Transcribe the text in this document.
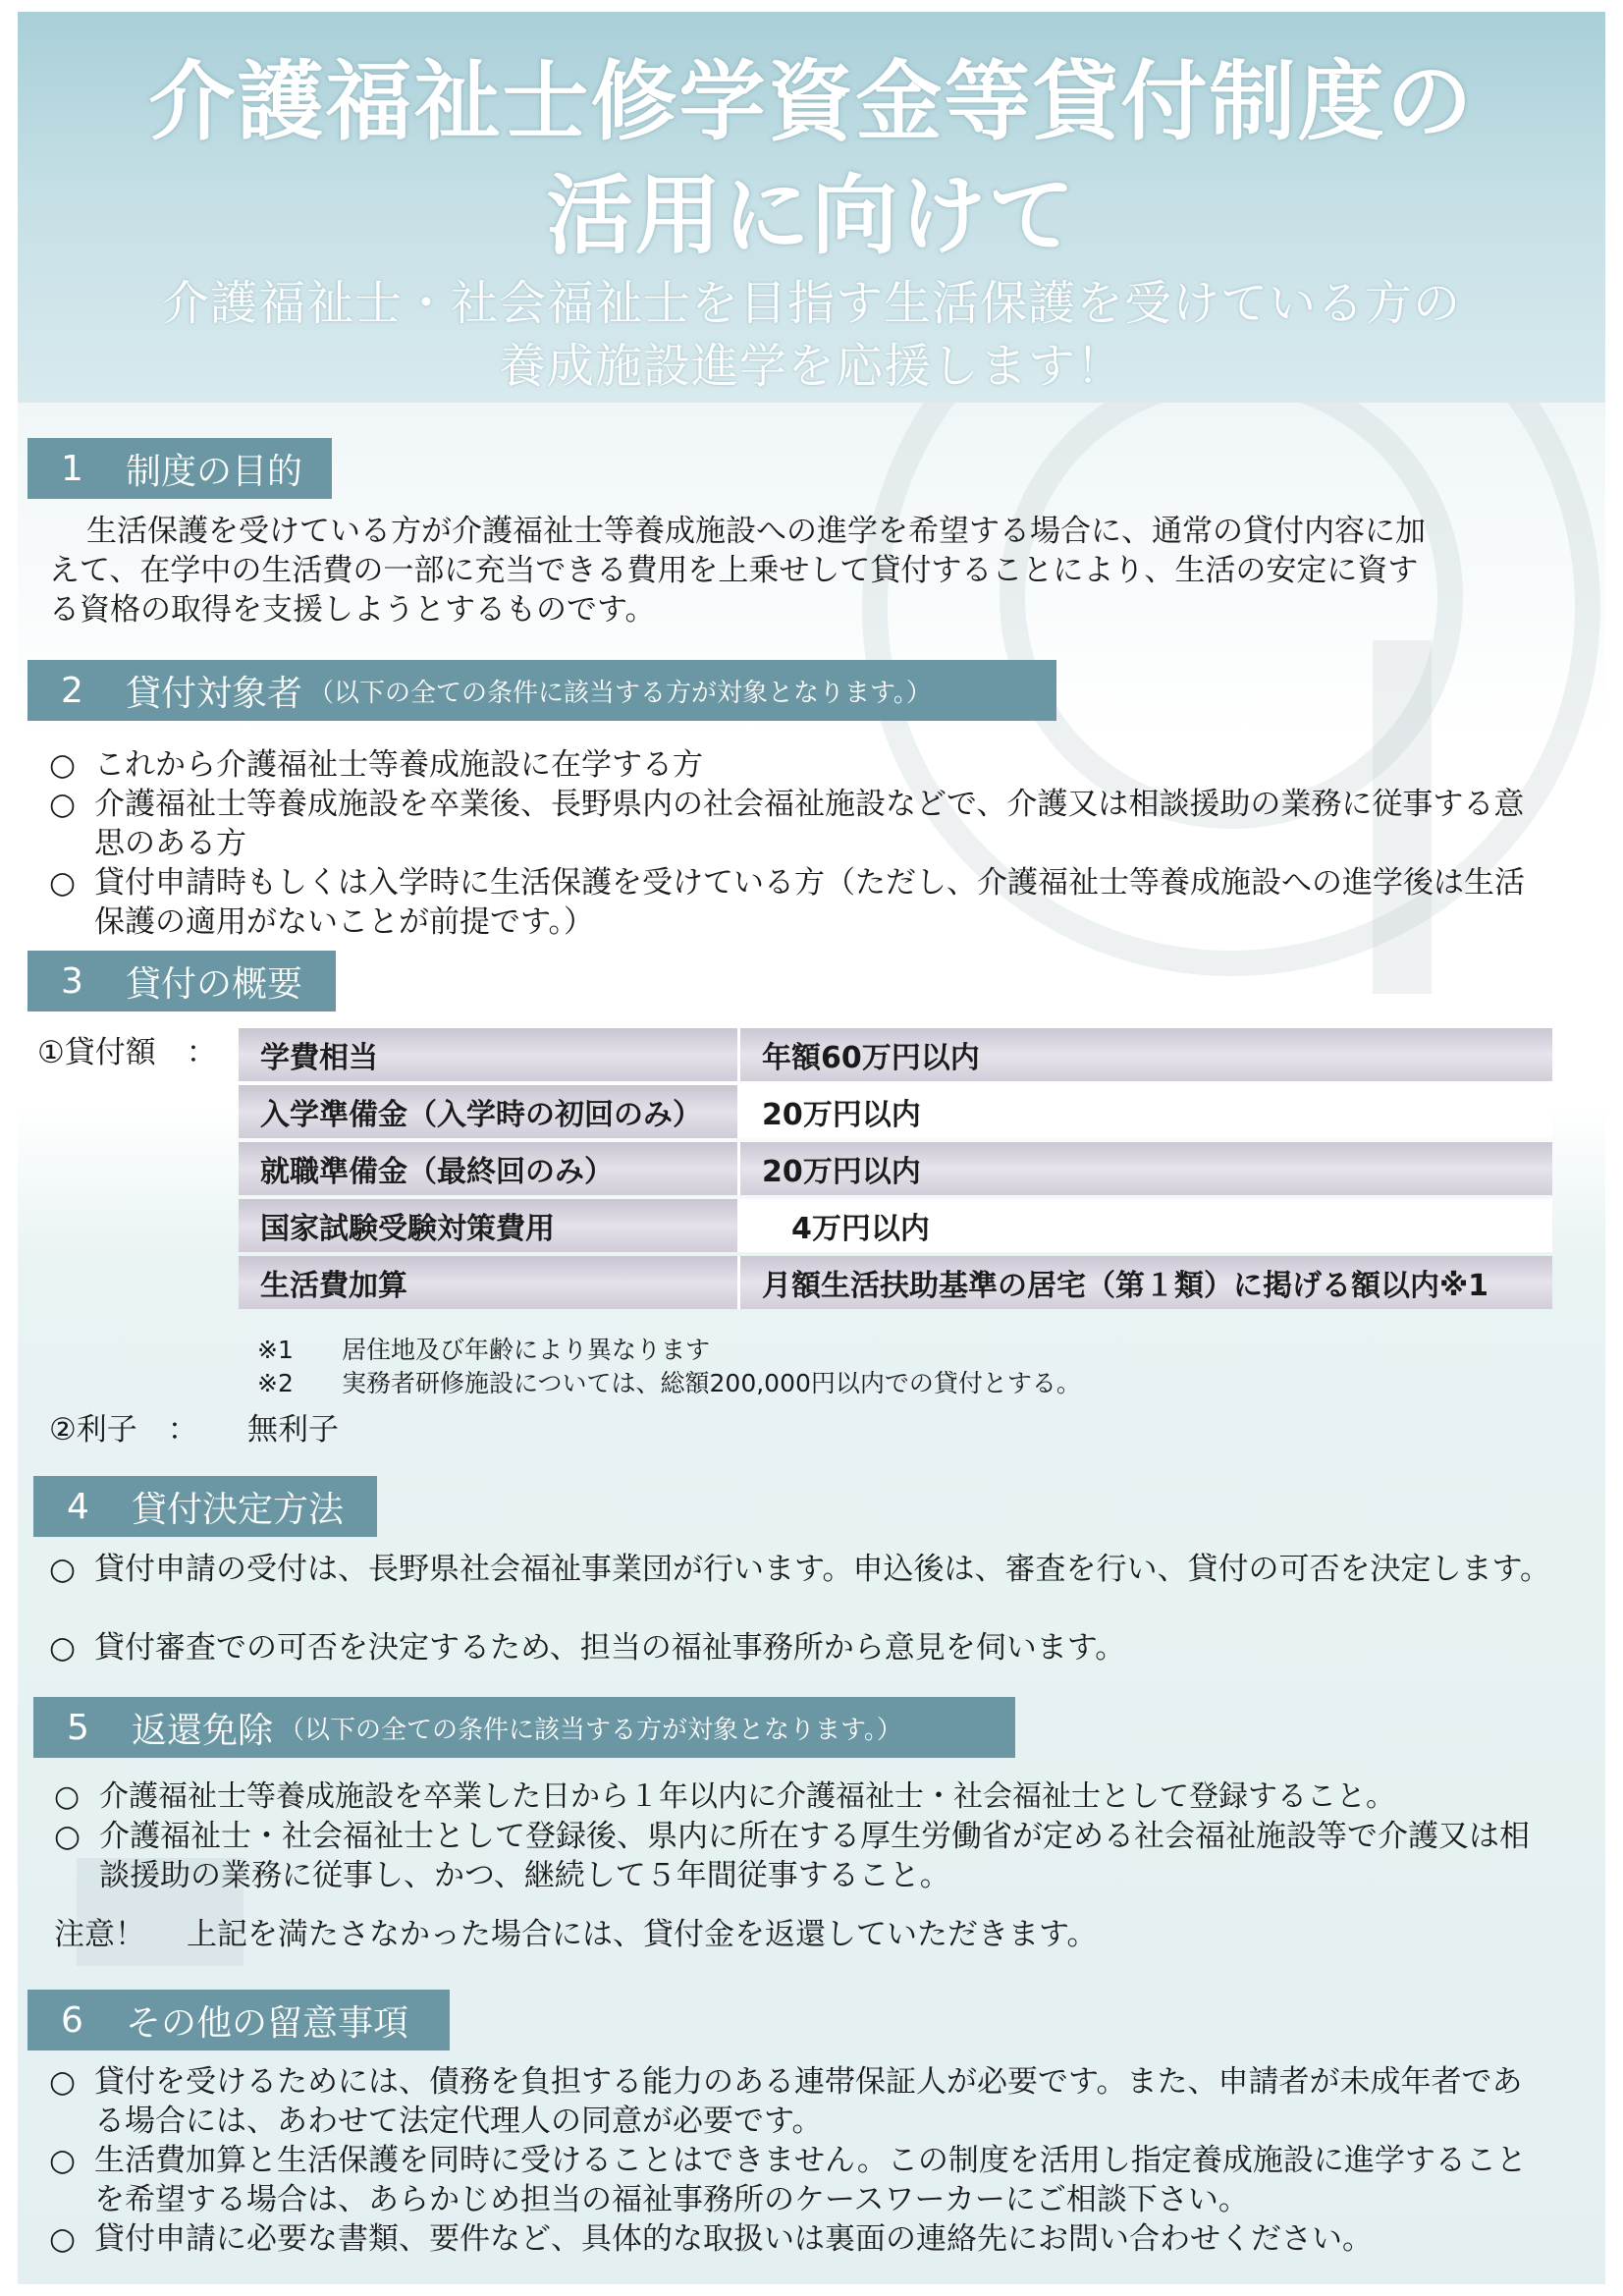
介護福祉士修学資金等貸付制度の
活用に向けて
介護福祉士・社会福祉士を目指す生活保護を受けている方の
養成施設進学を応援します！
1	制度の目的
生活保護を受けている方が介護福祉士等養成施設への進学を希望する場合に、通常の貸付内容に加
えて、在学中の生活費の一部に充当できる費用を上乗せして貸付することにより、生活の安定に資す
る資格の取得を支援しようとするものです。
2	貸付対象者 （以下の全ての条件に該当する方が対象となります。）
○ これから介護福祉士等養成施設に在学する方
○ 介護福祉士等養成施設を卒業後、長野県内の社会福祉施設などで、介護又は相談援助の業務に従事する意思のある方
○ 貸付申請時もしくは入学時に生活保護を受けている方（ただし、介護福祉士等養成施設への進学後は生活保護の適用がないことが前提です。）
3	貸付の概要
①貸付額　： 学費相当	年額60万円以内
入学準備金（入学時の初回のみ）	20万円以内
就職準備金（最終回のみ）	20万円以内
国家試験受験対策費用	　4万円以内
生活費加算	月額生活扶助基準の居宅（第１類）に掲げる額以内※1
※1 居住地及び年齢により異なります
※2 実務者研修施設については、総額200,000円以内での貸付とする。
②利子　： 無利子
4	貸付決定方法
○ 貸付申請の受付は、長野県社会福祉事業団が行います。申込後は、審査を行い、貸付の可否を決定します。
○ 貸付審査での可否を決定するため、担当の福祉事務所から意見を伺います。
5	返還免除 （以下の全ての条件に該当する方が対象となります。）
○ 介護福祉士等養成施設を卒業した日から１年以内に介護福祉士・社会福祉士として登録すること。
○ 介護福祉士・社会福祉士として登録後、県内に所在する厚生労働省が定める社会福祉施設等で介護又は相談援助の業務に従事し、かつ、継続して５年間従事すること。
注意！ 上記を満たさなかった場合には、貸付金を返還していただきます。
6	その他の留意事項
○ 貸付を受けるためには、債務を負担する能力のある連帯保証人が必要です。また、申請者が未成年者である場合には、あわせて法定代理人の同意が必要です。
○ 生活費加算と生活保護を同時に受けることはできません。この制度を活用し指定養成施設に進学することを希望する場合は、あらかじめ担当の福祉事務所のケースワーカーにご相談下さい。
○ 貸付申請に必要な書類、要件など、具体的な取扱いは裏面の連絡先にお問い合わせください。
